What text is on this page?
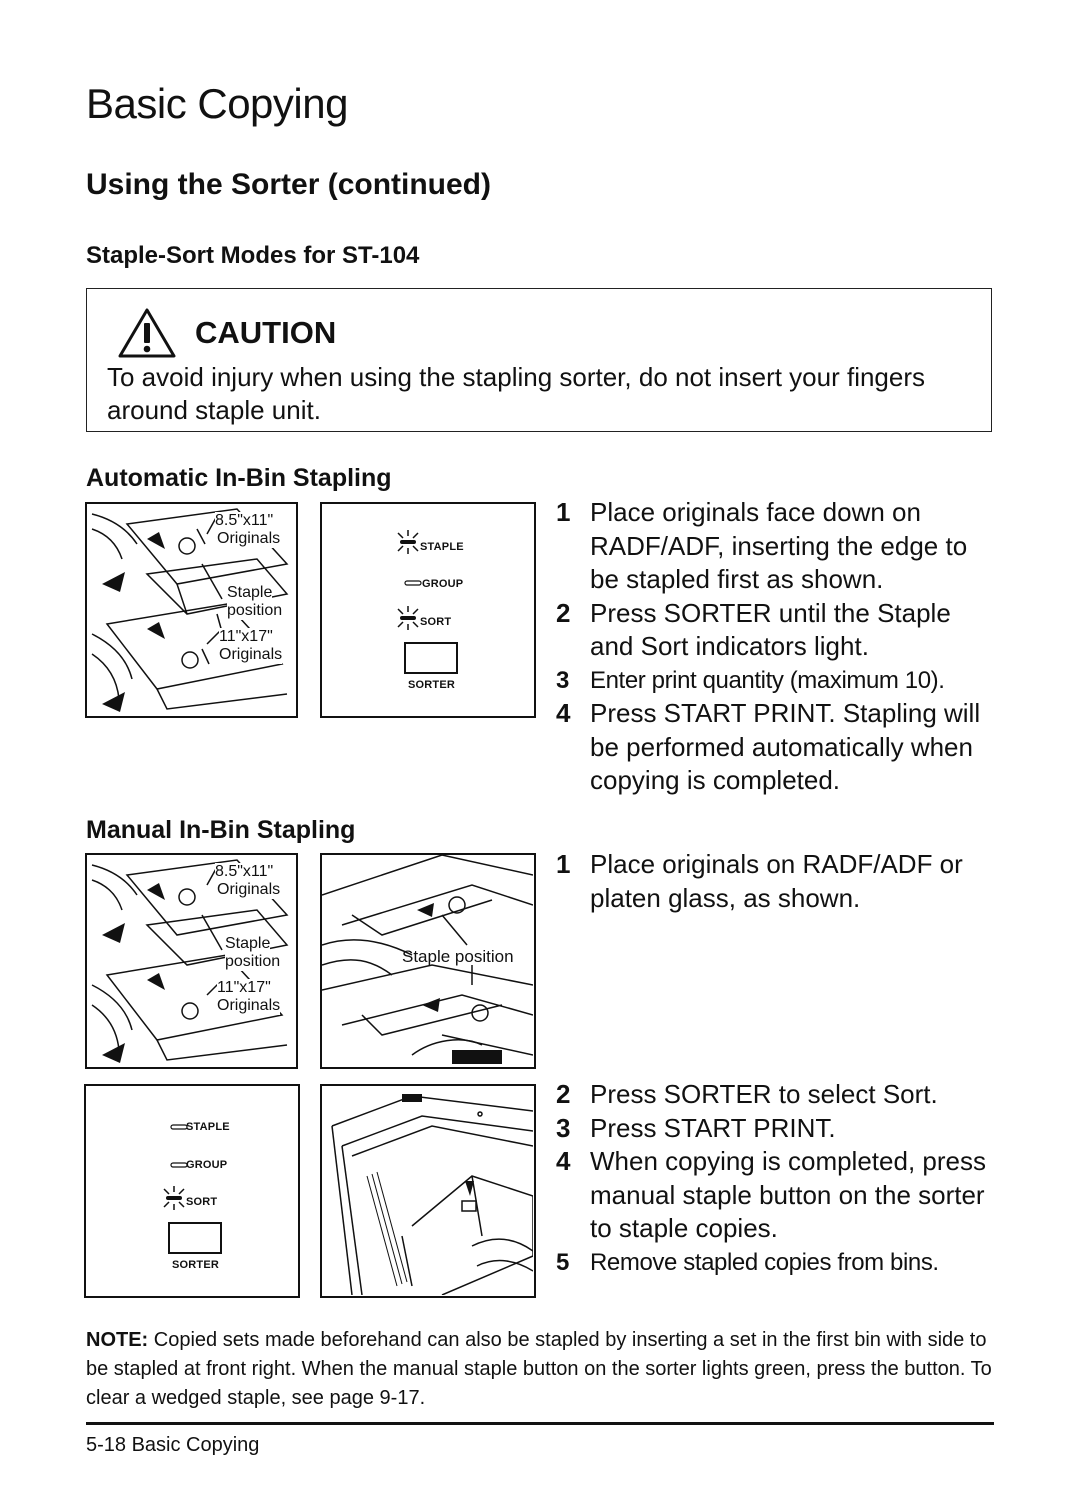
Basic Copying
Using the Sorter (continued)
Staple-Sort Modes for ST-104
CAUTION
To avoid injury when using the stapling sorter, do not insert your fingers around staple unit.
Automatic In-Bin Stapling
8.5"x11"
Originals
Staple
position
11"x17"
Originals
STAPLE
GROUP
SORT
SORTER
1 Place originals face down on RADF/ADF, inserting the edge to be stapled first as shown.
2 Press SORTER until the Staple and Sort indicators light.
3 Enter print quantity (maximum 10).
4 Press START PRINT. Stapling will be performed automatically when copying is completed.
Manual In-Bin Stapling
8.5"x11"
Originals
Staple
position
11"x17"
Originals
Staple position
1 Place originals on RADF/ADF or platen glass, as shown.
STAPLE
GROUP
SORT
SORTER
2 Press SORTER to select Sort.
3 Press START PRINT.
4 When copying is completed, press manual staple button on the sorter to staple copies.
5 Remove stapled copies from bins.
NOTE: Copied sets made beforehand can also be stapled by inserting a set in the first bin with side to be stapled at front right. When the manual staple button on the sorter lights green, press the button. To clear a wedged staple, see page 9-17.
5-18 Basic Copying
